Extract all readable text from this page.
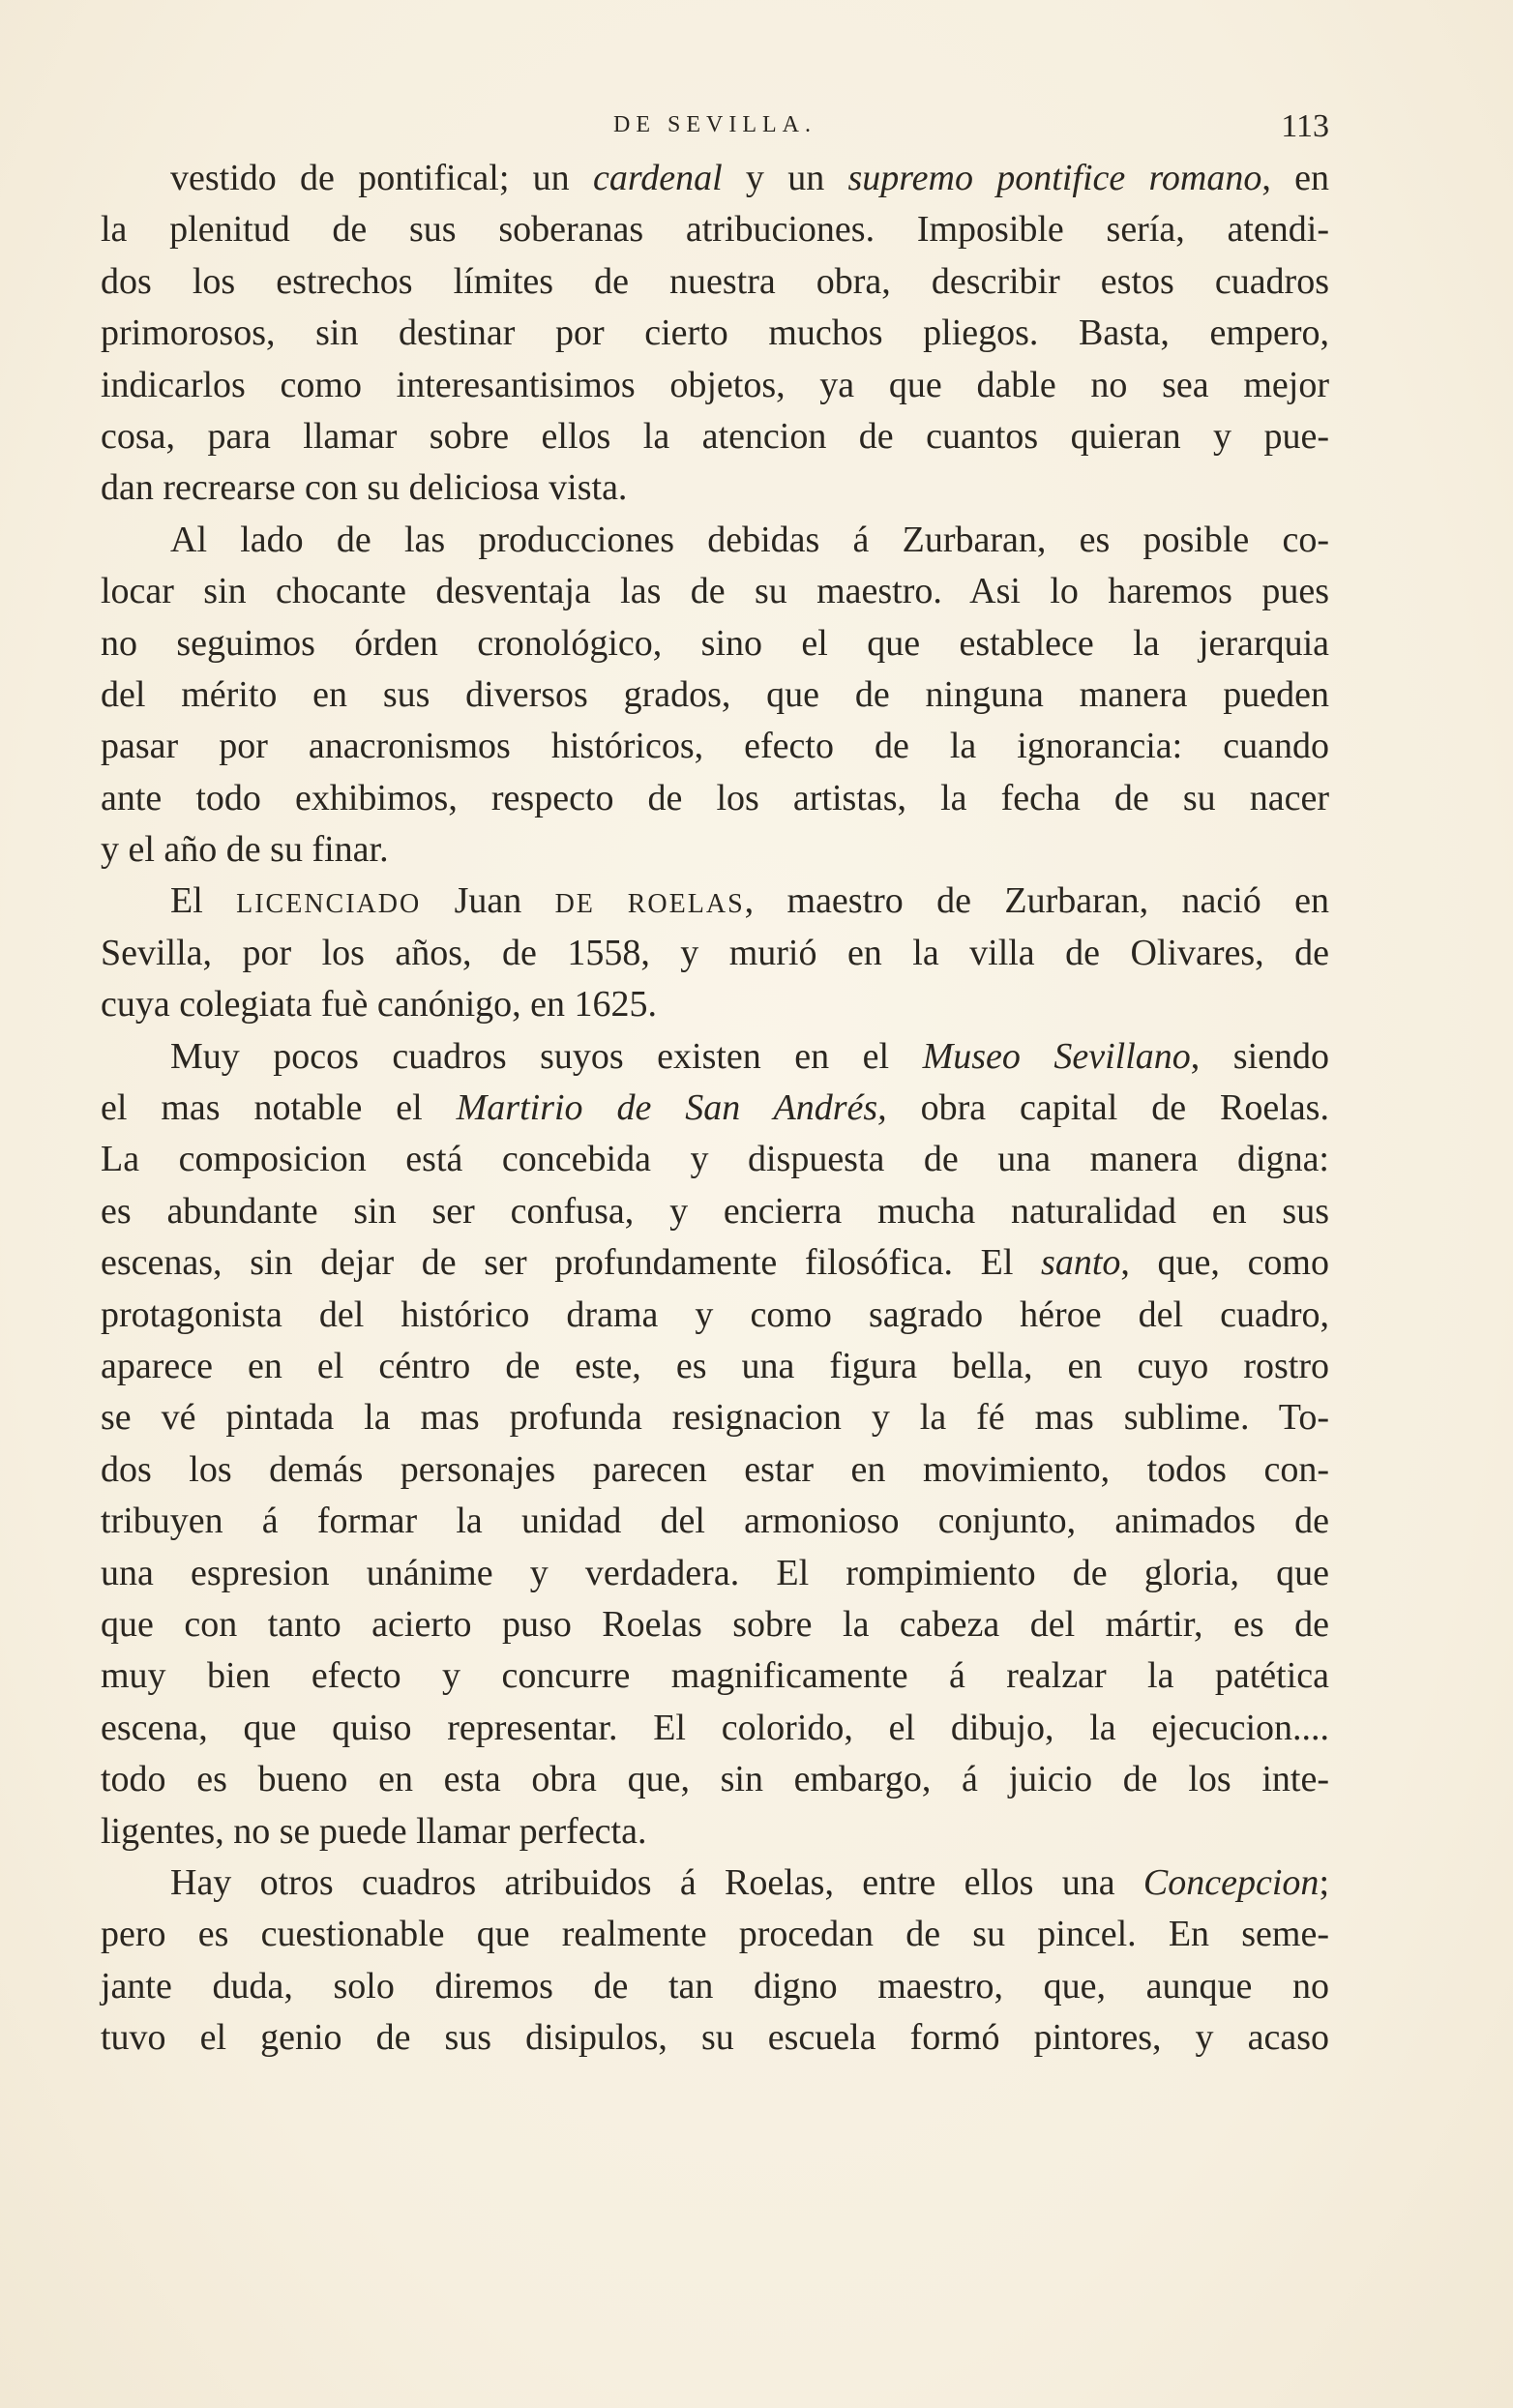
DE SEVILLA.	113
vestido de pontifical; un cardenal y un supremo pontifice romano, en
la plenitud de sus soberanas atribuciones. Imposible sería, atendi-
dos los estrechos límites de nuestra obra, describir estos cuadros
primorosos, sin destinar por cierto muchos pliegos. Basta, empero,
indicarlos como interesantisimos objetos, ya que dable no sea mejor
cosa, para llamar sobre ellos la atencion de cuantos quieran y pue-
dan recrearse con su deliciosa vista.
Al lado de las producciones debidas á Zurbaran, es posible co-
locar sin chocante desventaja las de su maestro. Asi lo haremos pues
no seguimos órden cronológico, sino el que establece la jerarquia
del mérito en sus diversos grados, que de ninguna manera pueden
pasar por anacronismos históricos, efecto de la ignorancia: cuando
ante todo exhibimos, respecto de los artistas, la fecha de su nacer
y el año de su finar.
El LICENCIADO Juan DE ROELAS, maestro de Zurbaran, nació en
Sevilla, por los años, de 1558, y murió en la villa de Olivares, de
cuya colegiata fuè canónigo, en 1625.
Muy pocos cuadros suyos existen en el Museo Sevillano, siendo
el mas notable el Martirio de San Andrés, obra capital de Roelas.
La composicion está concebida y dispuesta de una manera digna:
es abundante sin ser confusa, y encierra mucha naturalidad en sus
escenas, sin dejar de ser profundamente filosófica. El santo, que, como
protagonista del histórico drama y como sagrado héroe del cuadro,
aparece en el céntro de este, es una figura bella, en cuyo rostro
se vé pintada la mas profunda resignacion y la fé mas sublime. To-
dos los demás personajes parecen estar en movimiento, todos con-
tribuyen á formar la unidad del armonioso conjunto, animados de
una espresion unánime y verdadera. El rompimiento de gloria, que
que con tanto acierto puso Roelas sobre la cabeza del mártir, es de
muy bien efecto y concurre magnificamente á realzar la patética
escena, que quiso representar. El colorido, el dibujo, la ejecucion....
todo es bueno en esta obra que, sin embargo, á juicio de los inte-
ligentes, no se puede llamar perfecta.
Hay otros cuadros atribuidos á Roelas, entre ellos una Concepcion;
pero es cuestionable que realmente procedan de su pincel. En seme-
jante duda, solo diremos de tan digno maestro, que, aunque no
tuvo el genio de sus disipulos, su escuela formó pintores, y acaso
